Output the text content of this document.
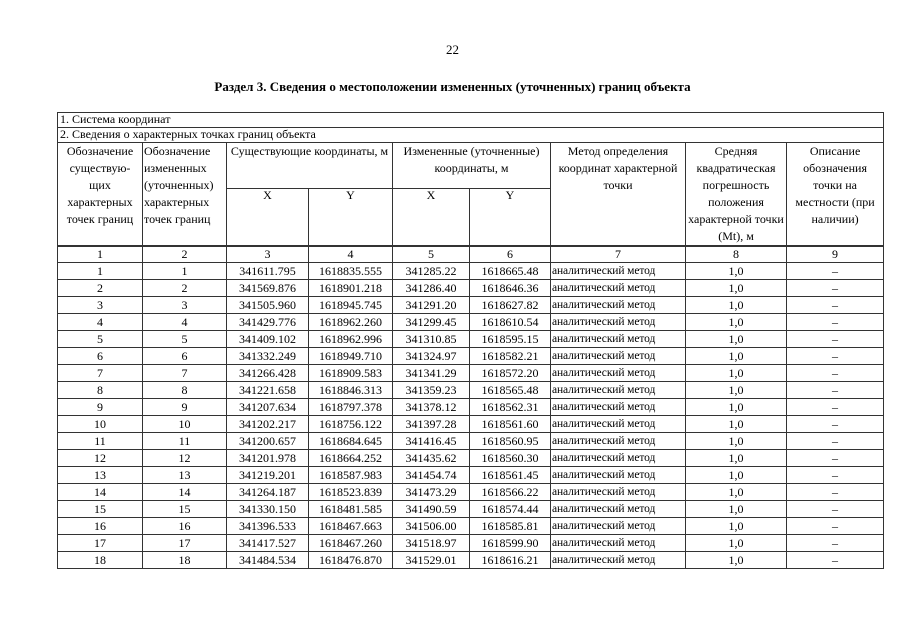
22
Раздел 3. Сведения о местоположении измененных (уточненных) границ объекта
1. Система координат								
2. Сведения о характерных точках границ объекта								
Обозначение существую-щих характерных точек границ	Обозначение измененных (уточненных) характерных точек границ	Существующие координаты, м		Измененные (уточненные) координаты, м		Метод определения координат характерной точки	Средняя квадратическая погрешность положения характерной точки (Mt), м	Описание обозначения точки на местности (при наличии)
		X	Y	X	Y			
1	2	3	4	5	6	7	8	9
1	1	341611.795	1618835.555	341285.22	1618665.48	аналитический метод	1,0	–
2	2	341569.876	1618901.218	341286.40	1618646.36	аналитический метод	1,0	–
3	3	341505.960	1618945.745	341291.20	1618627.82	аналитический метод	1,0	–
4	4	341429.776	1618962.260	341299.45	1618610.54	аналитический метод	1,0	–
5	5	341409.102	1618962.996	341310.85	1618595.15	аналитический метод	1,0	–
6	6	341332.249	1618949.710	341324.97	1618582.21	аналитический метод	1,0	–
7	7	341266.428	1618909.583	341341.29	1618572.20	аналитический метод	1,0	–
8	8	341221.658	1618846.313	341359.23	1618565.48	аналитический метод	1,0	–
9	9	341207.634	1618797.378	341378.12	1618562.31	аналитический метод	1,0	–
10	10	341202.217	1618756.122	341397.28	1618561.60	аналитический метод	1,0	–
11	11	341200.657	1618684.645	341416.45	1618560.95	аналитический метод	1,0	–
12	12	341201.978	1618664.252	341435.62	1618560.30	аналитический метод	1,0	–
13	13	341219.201	1618587.983	341454.74	1618561.45	аналитический метод	1,0	–
14	14	341264.187	1618523.839	341473.29	1618566.22	аналитический метод	1,0	–
15	15	341330.150	1618481.585	341490.59	1618574.44	аналитический метод	1,0	–
16	16	341396.533	1618467.663	341506.00	1618585.81	аналитический метод	1,0	–
17	17	341417.527	1618467.260	341518.97	1618599.90	аналитический метод	1,0	–
18	18	341484.534	1618476.870	341529.01	1618616.21	аналитический метод	1,0	–
